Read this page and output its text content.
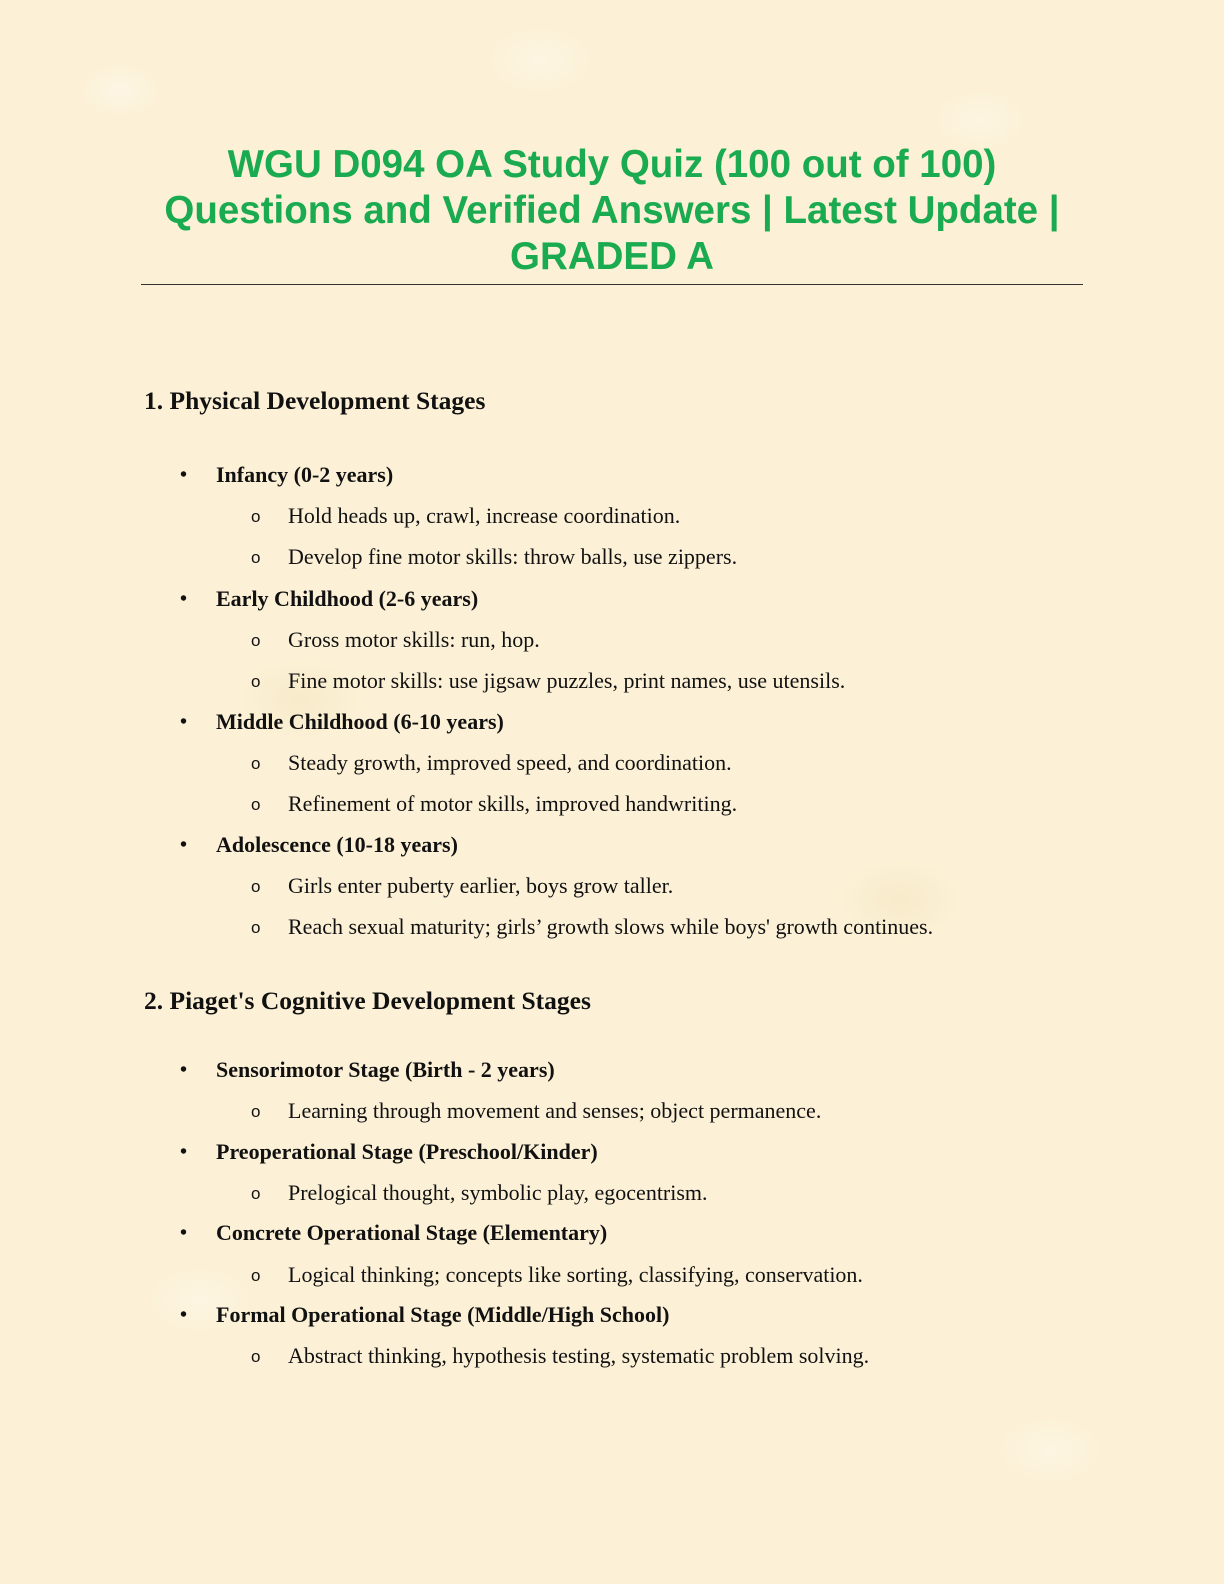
WGU D094 OA Study Quiz (100 out of 100)
Questions and Verified Answers | Latest Update |
GRADED A
1. Physical Development Stages
• Infancy (0-2 years)
o Hold heads up, crawl, increase coordination.
o Develop fine motor skills: throw balls, use zippers.
• Early Childhood (2-6 years)
o Gross motor skills: run, hop.
o Fine motor skills: use jigsaw puzzles, print names, use utensils.
• Middle Childhood (6-10 years)
o Steady growth, improved speed, and coordination.
o Refinement of motor skills, improved handwriting.
• Adolescence (10-18 years)
o Girls enter puberty earlier, boys grow taller.
o Reach sexual maturity; girls’ growth slows while boys' growth continues.
2. Piaget's Cognitive Development Stages
• Sensorimotor Stage (Birth - 2 years)
o Learning through movement and senses; object permanence.
• Preoperational Stage (Preschool/Kinder)
o Prelogical thought, symbolic play, egocentrism.
• Concrete Operational Stage (Elementary)
o Logical thinking; concepts like sorting, classifying, conservation.
• Formal Operational Stage (Middle/High School)
o Abstract thinking, hypothesis testing, systematic problem solving.
